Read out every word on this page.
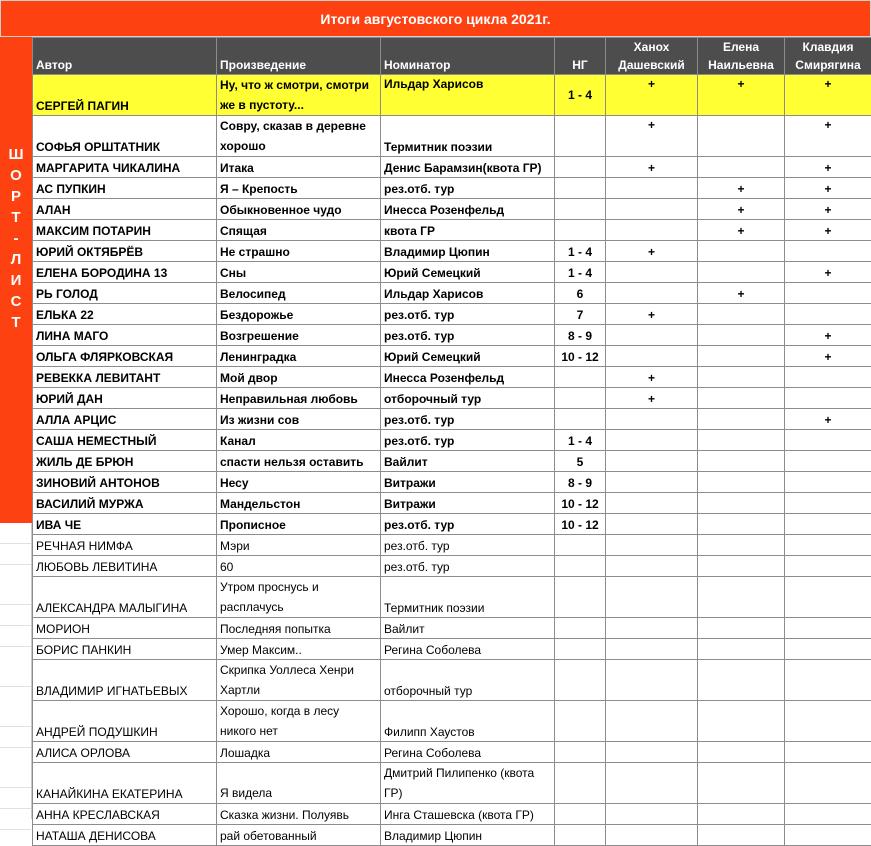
Итоги августовского цикла 2021г.
Ш
О
Р
Т
-
Л
И
С
Т
Автор	Произведение	Номинатор	НГ	Ханох Дашевский	Елена Наильевна	Клавдия Смирягина
СЕРГЕЙ ПАГИН	Ну, что ж смотри, смотри же в пустоту...	Ильдар Харисов	1 - 4	+	+	+
СОФЬЯ ОРШТАТНИК	Совру, сказав в деревне хорошо	Термитник поэзии		+		+
МАРГАРИТА ЧИКАЛИНА	Итака	Денис Барамзин(квота ГР)		+		+
АС ПУПКИН	Я – Крепость	рез.отб. тур			+	+
АЛАН	Обыкновенное чудо	Инесса Розенфельд			+	+
МАКСИМ ПОТАРИН	Спящая	квота ГР			+	+
ЮРИЙ ОКТЯБРЁВ	Не страшно	Владимир Цюпин	1 - 4	+		
ЕЛЕНА БОРОДИНА 13	Сны	Юрий Семецкий	1 - 4			+
РЬ ГОЛОД	Велосипед	Ильдар Харисов	6		+	
ЕЛЬКА 22	Бездорожье	рез.отб. тур	7	+		
ЛИНА МАГО	Возгрешение	рез.отб. тур	8 - 9			+
ОЛЬГА ФЛЯРКОВСКАЯ	Ленинградка	Юрий Семецкий	10 - 12			+
РЕВЕККА ЛЕВИТАНТ	Мой двор	Инесса Розенфельд		+		
ЮРИЙ ДАН	Неправильная любовь	отборочный тур		+		
АЛЛА АРЦИС	Из жизни сов	рез.отб. тур				+
САША НЕМЕСТНЫЙ	Канал	рез.отб. тур	1 - 4			
ЖИЛЬ ДЕ БРЮН	спасти нельзя оставить	Вайлит	5			
ЗИНОВИЙ АНТОНОВ	Несу	Витражи	8 - 9			
ВАСИЛИЙ МУРЖА	Мандельстон	Витражи	10 - 12			
ИВА ЧЕ	Прописное	рез.отб. тур	10 - 12			
РЕЧНАЯ НИМФА	Мэри	рез.отб. тур				
ЛЮБОВЬ ЛЕВИТИНА	60	рез.отб. тур				
АЛЕКСАНДРА МАЛЫГИНА	Утром проснусь и расплачусь	Термитник поэзии				
МОРИОН	Последняя попытка	Вайлит				
БОРИС ПАНКИН	Умер Максим..	Регина Соболева				
ВЛАДИМИР ИГНАТЬЕВЫХ	Скрипка Уоллеса Хенри Хартли	отборочный тур				
АНДРЕЙ ПОДУШКИН	Хорошо, когда в лесу никого нет	Филипп Хаустов				
АЛИСА ОРЛОВА	Лошадка	Регина Соболева				
КАНАЙКИНА ЕКАТЕРИНА	Я видела	Дмитрий Пилипенко (квота ГР)				
АННА КРЕСЛАВСКАЯ	Сказка жизни. Полуявь	Инга Сташевска (квота ГР)				
НАТАША ДЕНИСОВА	рай обетованный	Владимир Цюпин				
